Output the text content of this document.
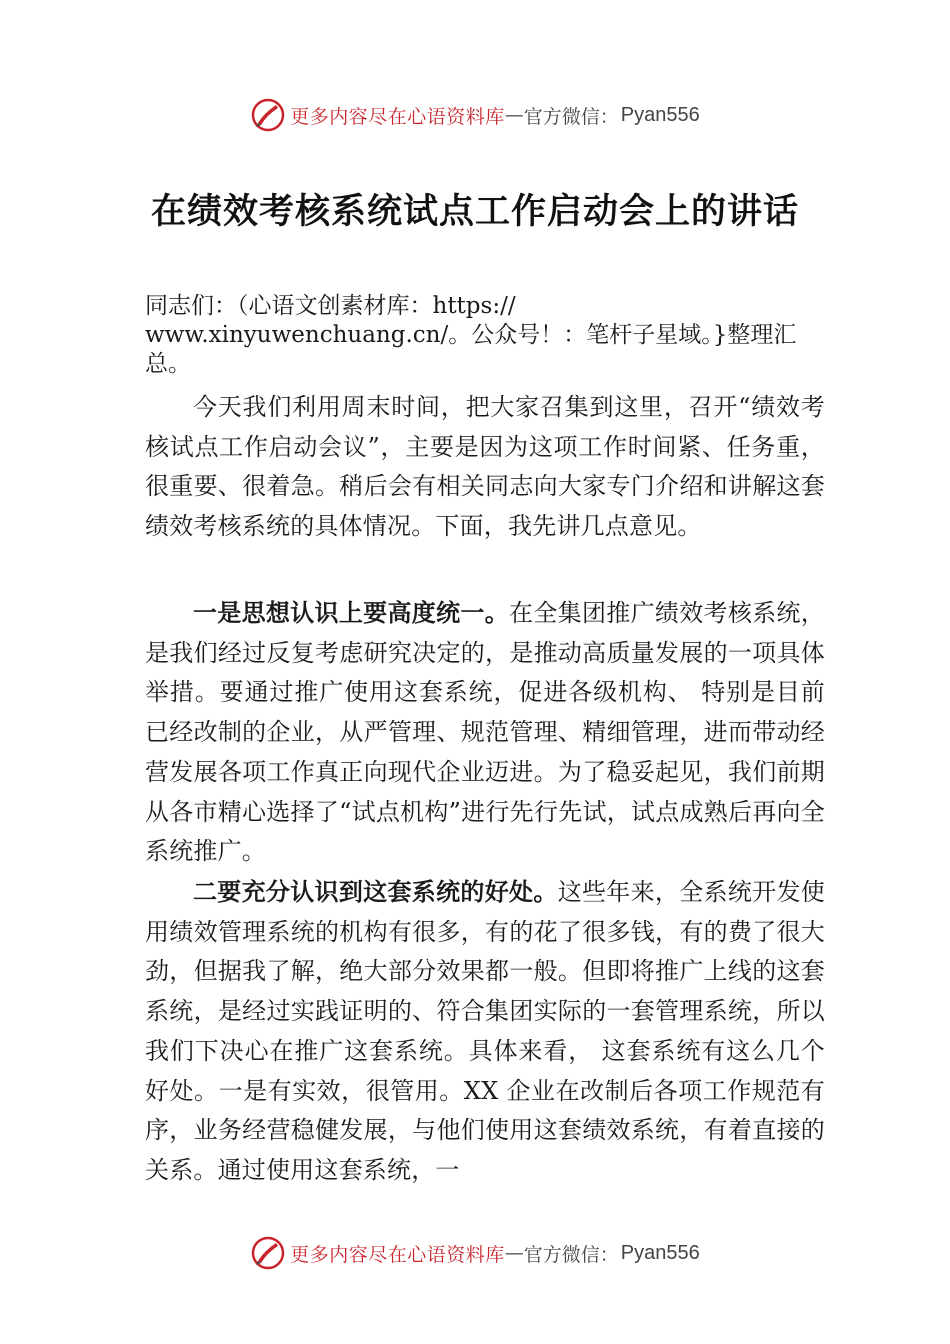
更多内容尽在心语资料库 — 官方微信： Pyan556
在绩效考核系统试点工作启动会上的讲话
同志们：（心语文创素材库：https:// www.xinyuwenchuang.cn/。公众号！：笔杆子星域。}整理汇总。
今天我们利用周末时间，把大家召集到这里，召开“绩效考核试点工作启动会议”，主要是因为这项工作时间紧、任务重，很重要、很着急。稍后会有相关同志向大家专门介绍和讲解这套绩效考核系统的具体情况。下面，我先讲几点意见。
一是思想认识上要高度统一。在全集团推广绩效考核系统，是我们经过反复考虑研究决定的，是推动高质量发展的一项具体举措。要通过推广使用这套系统，促进各级机构、 特别是目前已经改制的企业，从严管理、规范管理、精细管理，进而带动经营发展各项工作真正向现代企业迈进。为了稳妥起见，我们前期从各市精心选择了“试点机构”进行先行先试，试点成熟后再向全系统推广。
二要充分认识到这套系统的好处。这些年来，全系统开发使用绩效管理系统的机构有很多，有的花了很多钱，有的费了很大劲，但据我了解，绝大部分效果都一般。但即将推广上线的这套系统，是经过实践证明的、符合集团实际的一套管理系统，所以我们下决心在推广这套系统。具体来看， 这套系统有这么几个好处。一是有实效，很管用。XX 企业在改制后各项工作规范有序，业务经营稳健发展，与他们使用这套绩效系统，有着直接的关系。通过使用这套系统，一
更多内容尽在心语资料库 — 官方微信： Pyan556
